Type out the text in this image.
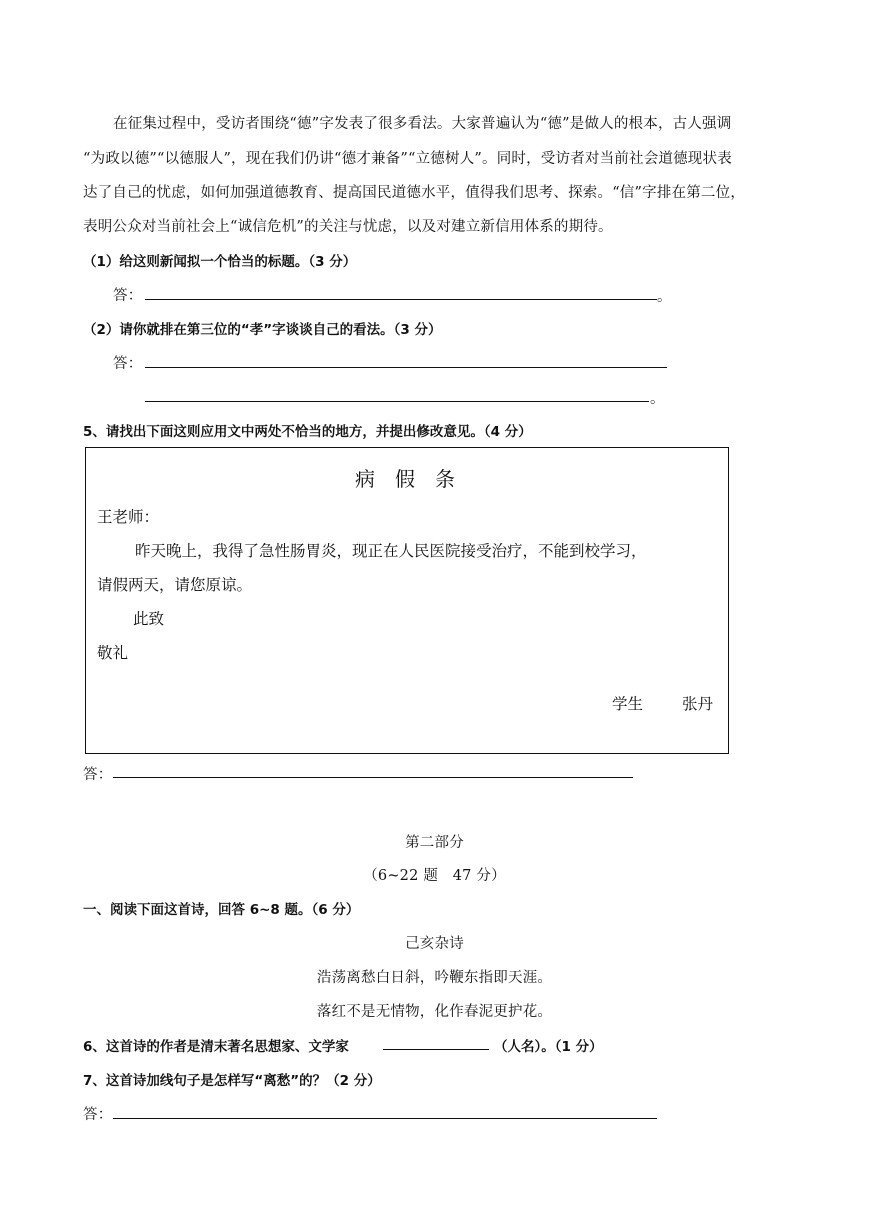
在征集过程中，受访者围绕“德”字发表了很多看法。大家普遍认为“德”是做人的根本，古人强调
“为政以德”“以德服人”，现在我们仍讲“德才兼备”“立德树人”。同时，受访者对当前社会道德现状表
达了自己的忧虑，如何加强道德教育、提高国民道德水平，值得我们思考、探索。“信”字排在第二位，
表明公众对当前社会上“诚信危机”的关注与忧虑，以及对建立新信用体系的期待。
（1）给这则新闻拟一个恰当的标题。（3 分）
答：	。
（2）请你就排在第三位的“孝”字谈谈自己的看法。（3 分）
答：
。
5、请找出下面这则应用文中两处不恰当的地方，并提出修改意见。（4 分）
病假条
王老师：
昨天晚上，我得了急性肠胃炎，现正在人民医院接受治疗，不能到校学习，
请假两天，请您原谅。
此致
敬礼
学生	张丹
答：
第二部分
（6~22 题　47 分）
一、阅读下面这首诗，回答 6~8 题。（6 分）
己亥杂诗
浩荡离愁白日斜，吟鞭东指即天涯。
落红不是无情物，化作春泥更护花。
6、这首诗的作者是清末著名思想家、文学家	（人名）。（1 分）
7、这首诗加线句子是怎样写“离愁”的？（2 分）
答：
